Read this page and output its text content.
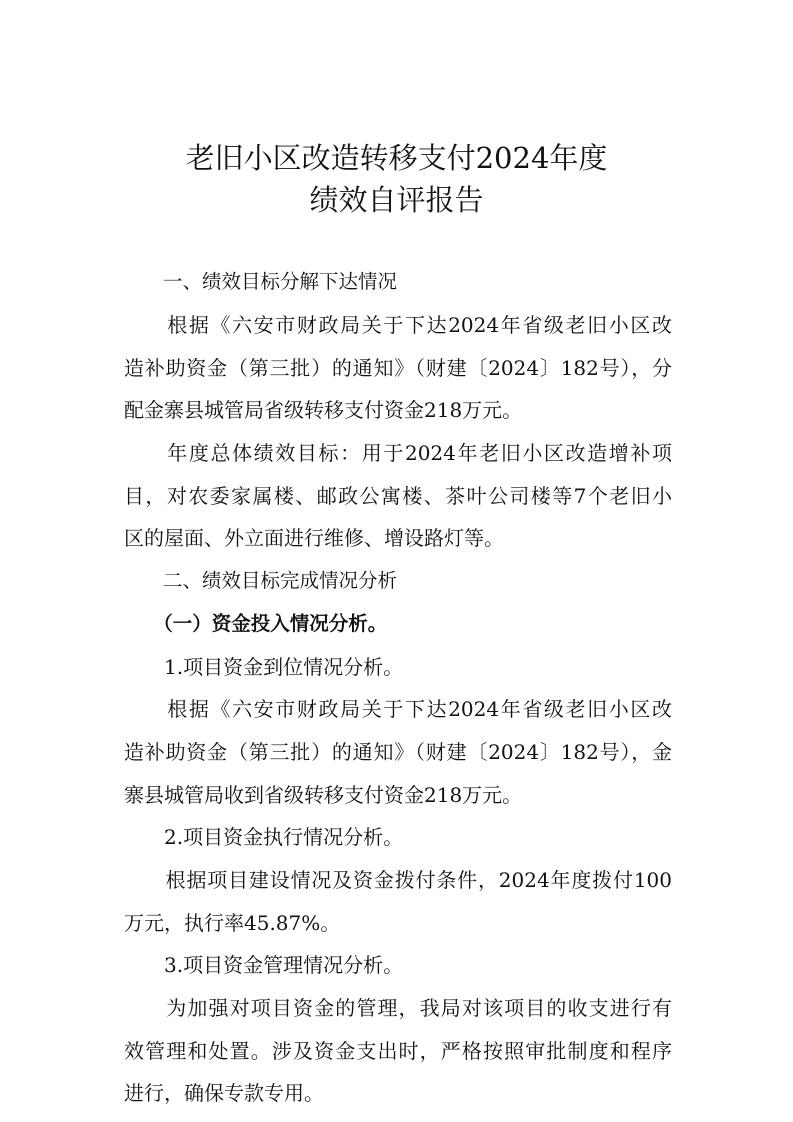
老旧小区改造转移支付2024年度
绩效自评报告
　　一、绩效目标分解下达情况
　　根据《六安市财政局关于下达2024年省级老旧小区改
造补助资金（第三批）的通知》（财建〔2024〕182号），分
配金寨县城管局省级转移支付资金218万元。
　　年度总体绩效目标：用于2024年老旧小区改造增补项
目，对农委家属楼、邮政公寓楼、茶叶公司楼等7个老旧小
区的屋面、外立面进行维修、增设路灯等。
　　二、绩效目标完成情况分析
　　（一）资金投入情况分析。
　　1.项目资金到位情况分析。
　　根据《六安市财政局关于下达2024年省级老旧小区改
造补助资金（第三批）的通知》（财建〔2024〕182号），金
寨县城管局收到省级转移支付资金218万元。
　　2.项目资金执行情况分析。
　　根据项目建设情况及资金拨付条件，2024年度拨付100
万元，执行率45.87%。
　　3.项目资金管理情况分析。
　　为加强对项目资金的管理，我局对该项目的收支进行有
效管理和处置。涉及资金支出时，严格按照审批制度和程序
进行，确保专款专用。
